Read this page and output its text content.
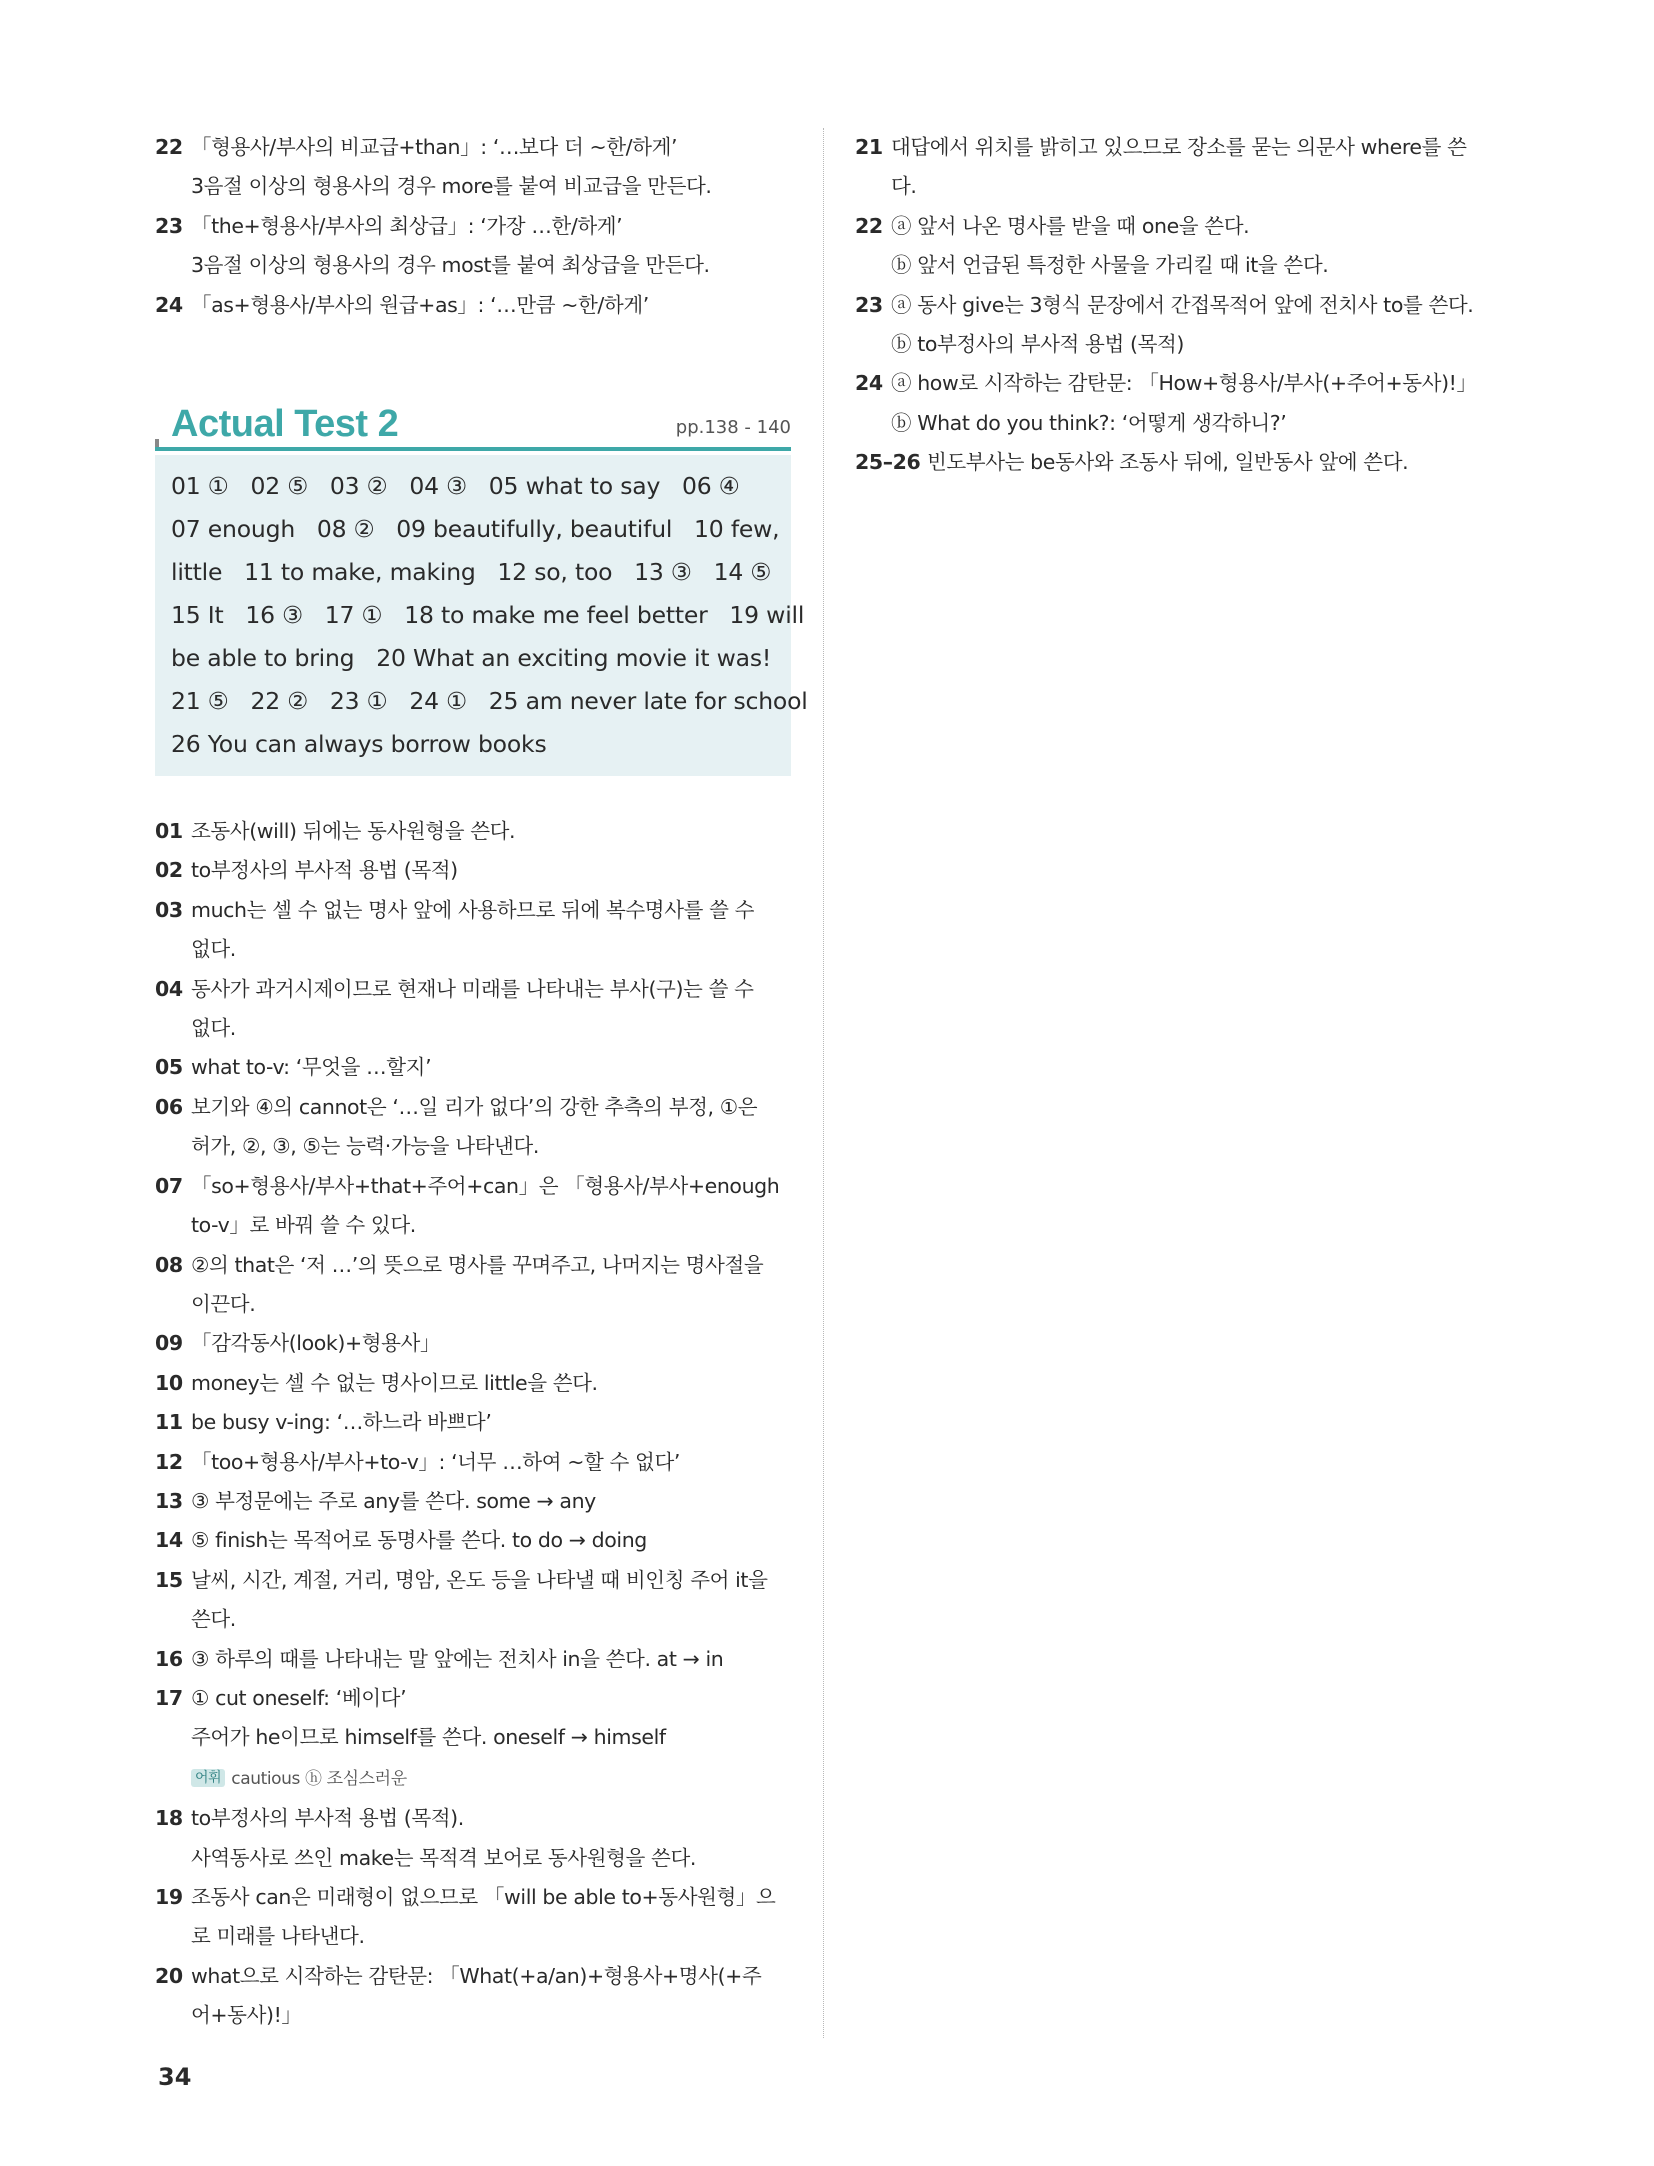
22 「형용사/부사의 비교급+than」: ‘…보다 더 ~한/하게’
3음절 이상의 형용사의 경우 more를 붙여 비교급을 만든다.
23 「the+형용사/부사의 최상급」: ‘가장 …한/하게’
3음절 이상의 형용사의 경우 most를 붙여 최상급을 만든다.
24 「as+형용사/부사의 원급+as」: ‘…만큼 ~한/하게’
Actual Test 2	pp.138 - 140
01 ①   02 ⑤   03 ②   04 ③   05 what to say   06 ④
07 enough   08 ②   09 beautifully, beautiful   10 few,
little   11 to make, making   12 so, too   13 ③   14 ⑤
15 It   16 ③   17 ①   18 to make me feel better   19 will
be able to bring   20 What an exciting movie it was!
21 ⑤   22 ②   23 ①   24 ①   25 am never late for school
26 You can always borrow books
01 조동사(will) 뒤에는 동사원형을 쓴다.
02 to부정사의 부사적 용법 (목적)
03 much는 셀 수 없는 명사 앞에 사용하므로 뒤에 복수명사를 쓸 수
없다.
04 동사가 과거시제이므로 현재나 미래를 나타내는 부사(구)는 쓸 수
없다.
05 what to-v: ‘무엇을 …할지’
06 보기와 ④의 cannot은 ‘…일 리가 없다’의 강한 추측의 부정, ①은
허가, ②, ③, ⑤는 능력·가능을 나타낸다.
07 「so+형용사/부사+that+주어+can」은 「형용사/부사+enough
to-v」로 바꿔 쓸 수 있다.
08 ②의 that은 ‘저 …’의 뜻으로 명사를 꾸며주고, 나머지는 명사절을
이끈다.
09 「감각동사(look)+형용사」
10 money는 셀 수 없는 명사이므로 little을 쓴다.
11 be busy v-ing: ‘…하느라 바쁘다’
12 「too+형용사/부사+to-v」: ‘너무 …하여 ~할 수 없다’
13 ③ 부정문에는 주로 any를 쓴다. some → any
14 ⑤ finish는 목적어로 동명사를 쓴다. to do → doing
15 날씨, 시간, 계절, 거리, 명암, 온도 등을 나타낼 때 비인칭 주어 it을
쓴다.
16 ③ 하루의 때를 나타내는 말 앞에는 전치사 in을 쓴다. at → in
17 ① cut oneself: ‘베이다’
주어가 he이므로 himself를 쓴다. oneself → himself
어휘 cautious ⓗ 조심스러운
18 to부정사의 부사적 용법 (목적).
사역동사로 쓰인 make는 목적격 보어로 동사원형을 쓴다.
19 조동사 can은 미래형이 없으므로 「will be able to+동사원형」으
로 미래를 나타낸다.
20 what으로 시작하는 감탄문: 「What(+a/an)+형용사+명사(+주
어+동사)!」
21 대답에서 위치를 밝히고 있으므로 장소를 묻는 의문사 where를 쓴
다.
22 ⓐ 앞서 나온 명사를 받을 때 one을 쓴다.
ⓑ 앞서 언급된 특정한 사물을 가리킬 때 it을 쓴다.
23 ⓐ 동사 give는 3형식 문장에서 간접목적어 앞에 전치사 to를 쓴다.
ⓑ to부정사의 부사적 용법 (목적)
24 ⓐ how로 시작하는 감탄문: 「How+형용사/부사(+주어+동사)!」
ⓑ What do you think?: ‘어떻게 생각하니?’
25–26 빈도부사는 be동사와 조동사 뒤에, 일반동사 앞에 쓴다.
34
